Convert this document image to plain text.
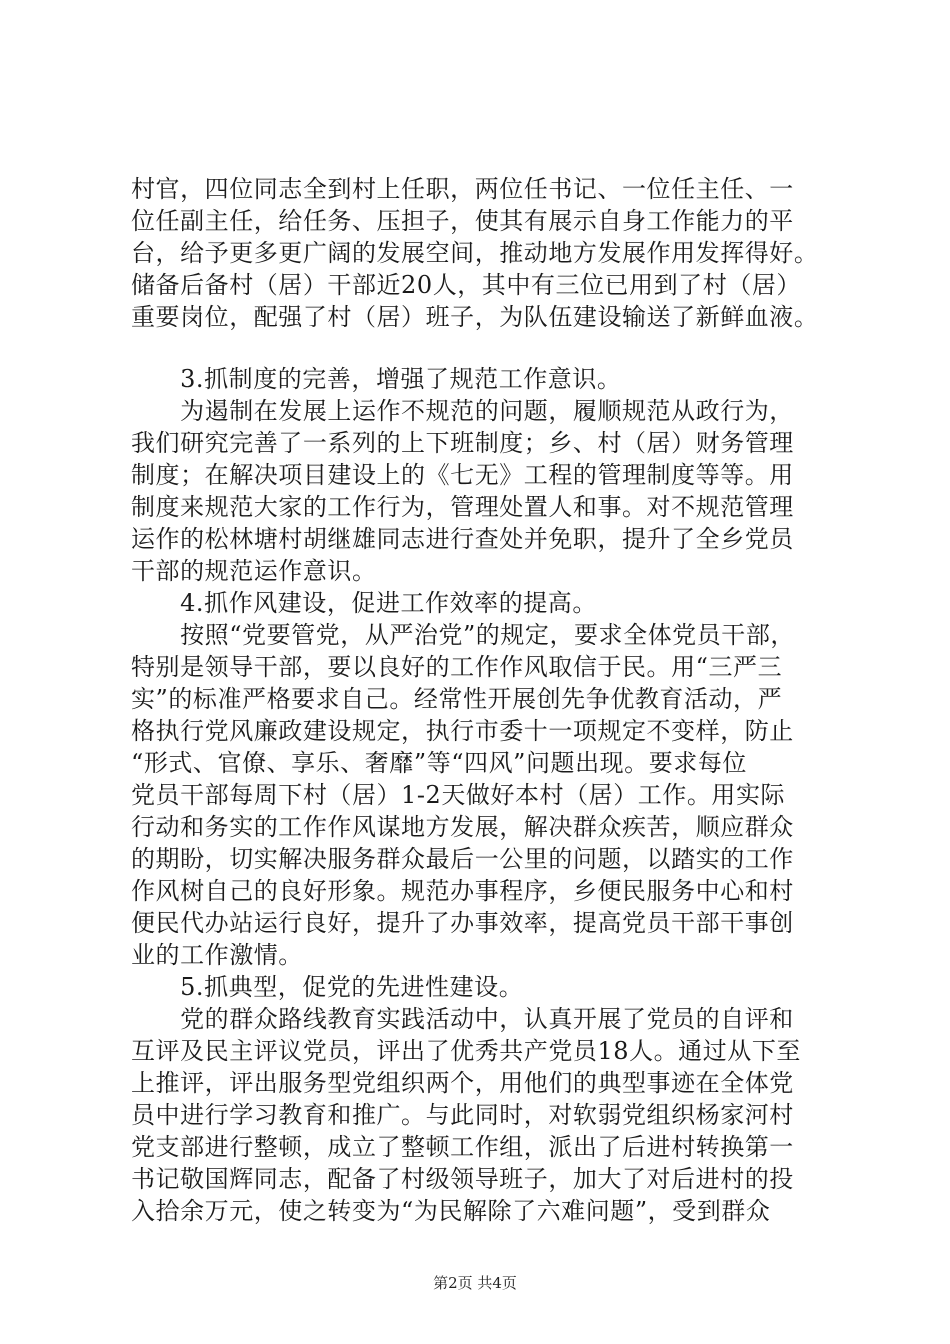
村官，四位同志全到村上任职，两位任书记、一位任主任、一
位任副主任，给任务、压担子，使其有展示自身工作能力的平
台，给予更多更广阔的发展空间，推动地方发展作用发挥得好。
储备后备村（居）干部近20人，其中有三位已用到了村（居）
重要岗位，配强了村（居）班子，为队伍建设输送了新鲜血液。
　　3.抓制度的完善，增强了规范工作意识。
　　为遏制在发展上运作不规范的问题，履顺规范从政行为，
我们研究完善了一系列的上下班制度；乡、村（居）财务管理
制度；在解决项目建设上的《七无》工程的管理制度等等。用
制度来规范大家的工作行为，管理处置人和事。对不规范管理
运作的松林塘村胡继雄同志进行查处并免职，提升了全乡党员
干部的规范运作意识。
　　4.抓作风建设，促进工作效率的提高。
　　按照“党要管党，从严治党”的规定，要求全体党员干部，
特别是领导干部，要以良好的工作作风取信于民。用“三严三
实”的标准严格要求自己。经常性开展创先争优教育活动，严
格执行党风廉政建设规定，执行市委十一项规定不变样，防止
“形式、官僚、享乐、奢靡”等“四风”问题出现。要求每位
党员干部每周下村（居）1-2天做好本村（居）工作。用实际
行动和务实的工作作风谋地方发展，解决群众疾苦，顺应群众
的期盼，切实解决服务群众最后一公里的问题，以踏实的工作
作风树自己的良好形象。规范办事程序，乡便民服务中心和村
便民代办站运行良好，提升了办事效率，提高党员干部干事创
业的工作激情。
　　5.抓典型，促党的先进性建设。
　　党的群众路线教育实践活动中，认真开展了党员的自评和
互评及民主评议党员，评出了优秀共产党员18人。通过从下至
上推评，评出服务型党组织两个，用他们的典型事迹在全体党
员中进行学习教育和推广。与此同时，对软弱党组织杨家河村
党支部进行整顿，成立了整顿工作组，派出了后进村转换第一
书记敬国辉同志，配备了村级领导班子，加大了对后进村的投
入拾余万元，使之转变为“为民解除了六难问题”，受到群众
第2页 共4页
